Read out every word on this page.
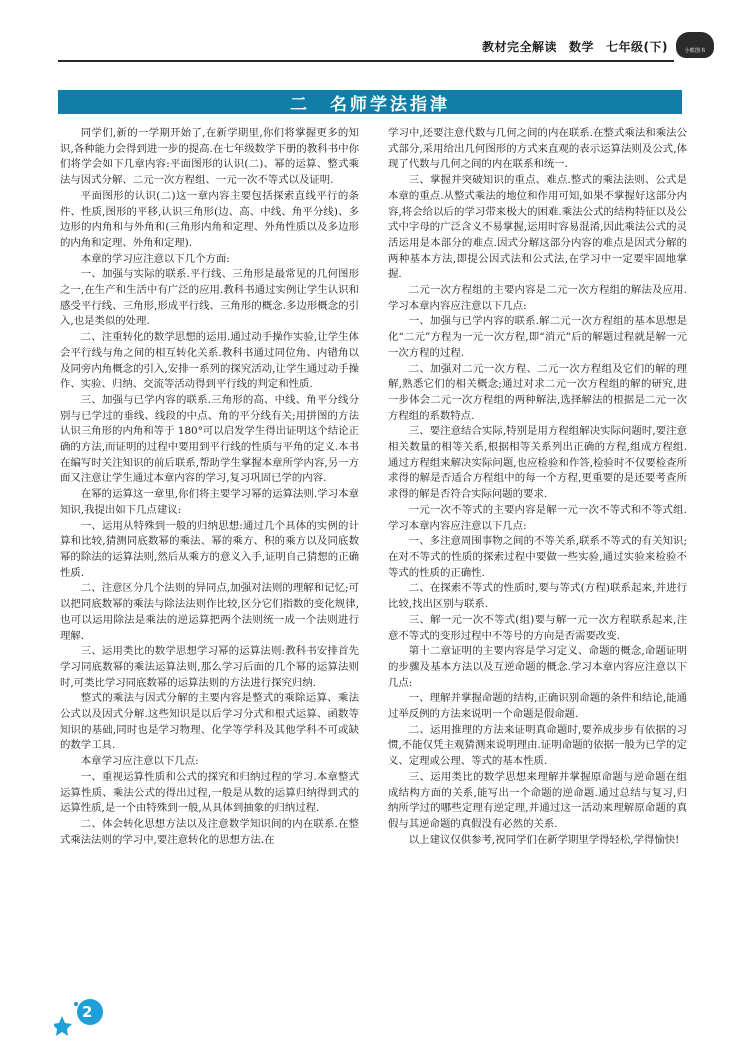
教材完全解读 数学 七年级(下)	小熊图书
二 名师学法指津

同学们,新的一学期开始了,在新学期里,你们将掌握更多的知识,各种能力会得到进一步的提高.在七年级数学下册的教科书中你们将学会如下几章内容:平面图形的认识(二)、幂的运算、整式乘法与因式分解、二元一次方程组、一元一次不等式以及证明.

平面图形的认识(二)这一章内容主要包括探索直线平行的条件、性质,图形的平移,认识三角形(边、高、中线、角平分线)、多边形的内角和与外角和(三角形内角和定理、外角性质以及多边形的内角和定理、外角和定理).

本章的学习应注意以下几个方面:

一、加强与实际的联系.平行线、三角形是最常见的几何图形之一,在生产和生活中有广泛的应用.教科书通过实例让学生认识和感受平行线、三角形,形成平行线、三角形的概念.多边形概念的引入,也是类似的处理.

二、注重转化的数学思想的运用.通过动手操作实验,让学生体会平行线与角之间的相互转化关系.教科书通过同位角、内错角以及同旁内角概念的引入,安排一系列的探究活动,让学生通过动手操作、实验、归纳、交流等活动得到平行线的判定和性质.

三、加强与已学内容的联系.三角形的高、中线、角平分线分别与已学过的垂线、线段的中点、角的平分线有关;用拼图的方法认识三角形的内角和等于 180°可以启发学生得出证明这个结论正确的方法,而证明的过程中要用到平行线的性质与平角的定义.本书在编写时关注知识的前后联系,帮助学生掌握本章所学内容,另一方面又注意让学生通过本章内容的学习,复习巩固已学的内容.

在幂的运算这一章里,你们将主要学习幂的运算法则.学习本章知识,我提出如下几点建议:

一、运用从特殊到一般的归纳思想:通过几个具体的实例的计算和比较,猜测同底数幂的乘法、幂的乘方、积的乘方以及同底数幂的除法的运算法则,然后从乘方的意义入手,证明自己猜想的正确性质.

二、注意区分几个法则的异同点,加强对法则的理解和记忆;可以把同底数幂的乘法与除法法则作比较,区分它们指数的变化规律,也可以运用除法是乘法的逆运算把两个法则统一成一个法则进行理解.

三、运用类比的数学思想学习幂的运算法则:教科书安排首先学习同底数幂的乘法运算法则,那么学习后面的几个幂的运算法则时,可类比学习同底数幂的运算法则的方法进行探究归纳.

整式的乘法与因式分解的主要内容是整式的乘除运算、乘法公式以及因式分解.这些知识是以后学习分式和根式运算、函数等知识的基础,同时也是学习物理、化学等学科及其他学科不可或缺的数学工具.

本章学习应注意以下几点:

一、重视运算性质和公式的探究和归纳过程的学习.本章整式运算性质、乘法公式的得出过程,一般是从数的运算归纳得到式的运算性质,是一个由特殊到一般,从具体到抽象的归纳过程.

二、体会转化思想方法以及注意数学知识间的内在联系.在整式乘法法则的学习中,要注意转化的思想方法.在

学习中,还要注意代数与几何之间的内在联系.在整式乘法和乘法公式部分,采用给出几何图形的方式来直观的表示运算法则及公式,体现了代数与几何之间的内在联系和统一.

三、掌握并突破知识的重点、难点.整式的乘法法则、公式是本章的重点.从整式乘法的地位和作用可知,如果不掌握好这部分内容,将会给以后的学习带来极大的困难.乘法公式的结构特征以及公式中字母的广泛含义不易掌握,运用时容易混淆,因此乘法公式的灵活运用是本部分的难点.因式分解这部分内容的难点是因式分解的两种基本方法,即提公因式法和公式法,在学习中一定要牢固地掌握.

二元一次方程组的主要内容是二元一次方程组的解法及应用.学习本章内容应注意以下几点:

一、加强与已学内容的联系.解二元一次方程组的基本思想是化“二元”方程为一元一次方程,即“消元”后的解题过程就是解一元一次方程的过程.

二、加强对二元一次方程、二元一次方程组及它们的解的理解,熟悉它们的相关概念;通过对求二元一次方程组的解的研究,进一步体会二元一次方程组的两种解法,选择解法的根据是二元一次方程组的系数特点.

三、要注意结合实际,特别是用方程组解决实际问题时,要注意相关数量的相等关系,根据相等关系列出正确的方程,组成方程组.通过方程组来解决实际问题,也应检验和作答,检验时不仅要检查所求得的解是否适合方程组中的每一个方程,更重要的是还要考查所求得的解是否符合实际问题的要求.

一元一次不等式的主要内容是解一元一次不等式和不等式组.学习本章内容应注意以下几点:

一、多注意周围事物之间的不等关系,联系不等式的有关知识;在对不等式的性质的探索过程中要做一些实验,通过实验来检验不等式的性质的正确性.

二、在探索不等式的性质时,要与等式(方程)联系起来,并进行比较,找出区别与联系.

三、解一元一次不等式(组)要与解一元一次方程联系起来,注意不等式的变形过程中不等号的方向是否需要改变.

第十二章证明的主要内容是学习定义、命题的概念,命题证明的步骤及基本方法以及互逆命题的概念.学习本章内容应注意以下几点:

一、理解并掌握命题的结构,正确识别命题的条件和结论,能通过举反例的方法来说明一个命题是假命题.

二、运用推理的方法来证明真命题时,要养成步步有依据的习惯,不能仅凭主观猜测来说明理由.证明命题的依据一般为已学的定义、定理或公理、等式的基本性质.

三、运用类比的数学思想来理解并掌握原命题与逆命题在组成结构方面的关系,能写出一个命题的逆命题.通过总结与复习,归纳所学过的哪些定理有逆定理,并通过这一活动来理解原命题的真假与其逆命题的真假没有必然的关系.

以上建议仅供参考,祝同学们在新学期里学得轻松,学得愉快!

2
